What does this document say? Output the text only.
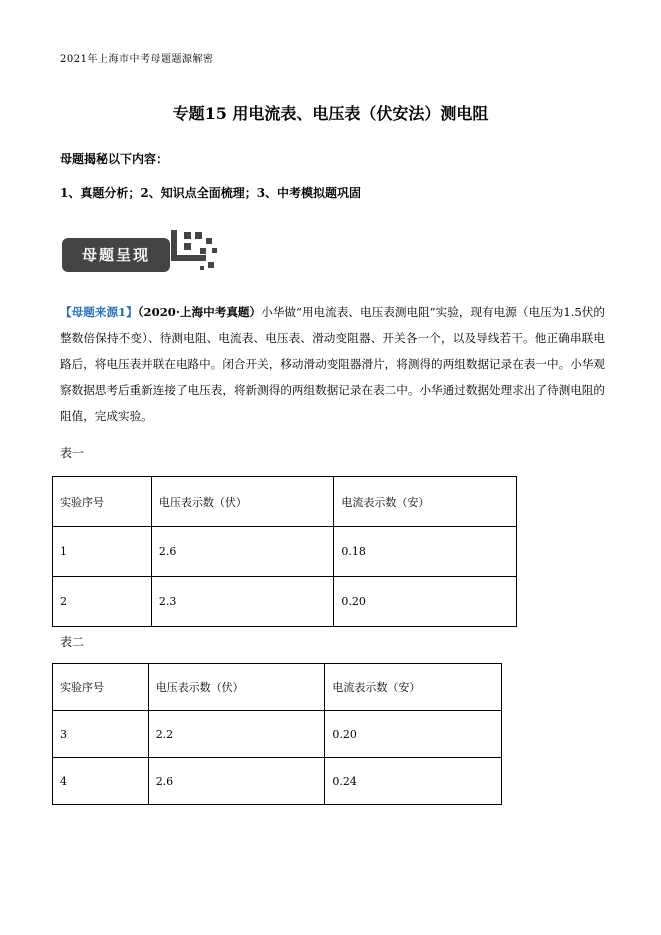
2021年上海市中考母题题源解密
专题15 用电流表、电压表（伏安法）测电阻
母题揭秘以下内容：
1、真题分析；2、知识点全面梳理；3、中考模拟题巩固
母题呈现
【母题来源1】（2020·上海中考真题）小华做“用电流表、电压表测电阻”实验，现有电源（电压为1.5伏的整数倍保持不变）、待测电阻、电流表、电压表、滑动变阻器、开关各一个，以及导线若干。他正确串联电路后，将电压表并联在电路中。闭合开关，移动滑动变阻器滑片，将测得的两组数据记录在表一中。小华观察数据思考后重新连接了电压表，将新测得的两组数据记录在表二中。小华通过数据处理求出了待测电阻的阻值，完成实验。
表一
实验序号	电压表示数（伏）	电流表示数（安）
1	2.6	0.18
2	2.3	0.20
表二
实验序号	电压表示数（伏）	电流表示数（安）
3	2.2	0.20
4	2.6	0.24
